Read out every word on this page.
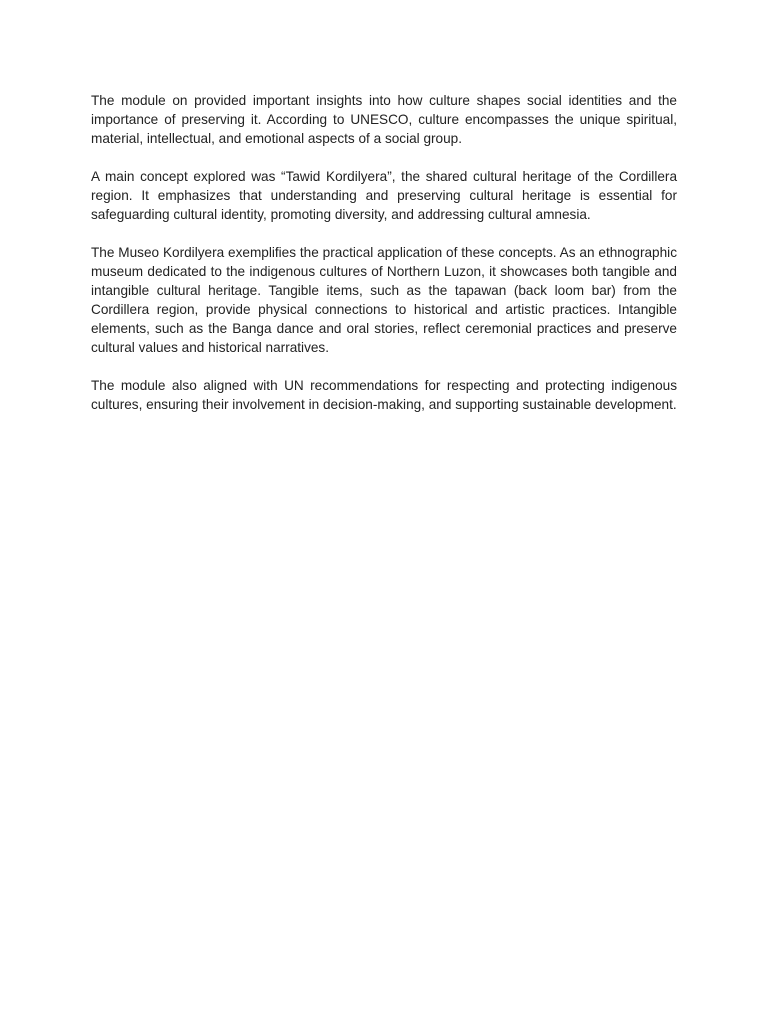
The module on provided important insights into how culture shapes social identities and the importance of preserving it. According to UNESCO, culture encompasses the unique spiritual, material, intellectual, and emotional aspects of a social group.

A main concept explored was “Tawid Kordilyera”, the shared cultural heritage of the Cordillera region. It emphasizes that understanding and preserving cultural heritage is essential for safeguarding cultural identity, promoting diversity, and addressing cultural amnesia.

The Museo Kordilyera exemplifies the practical application of these concepts. As an ethnographic museum dedicated to the indigenous cultures of Northern Luzon, it showcases both tangible and intangible cultural heritage. Tangible items, such as the tapawan (back loom bar) from the Cordillera region, provide physical connections to historical and artistic practices. Intangible elements, such as the Banga dance and oral stories, reflect ceremonial practices and preserve cultural values and historical narratives.

The module also aligned with UN recommendations for respecting and protecting indigenous cultures, ensuring their involvement in decision-making, and supporting sustainable development.
